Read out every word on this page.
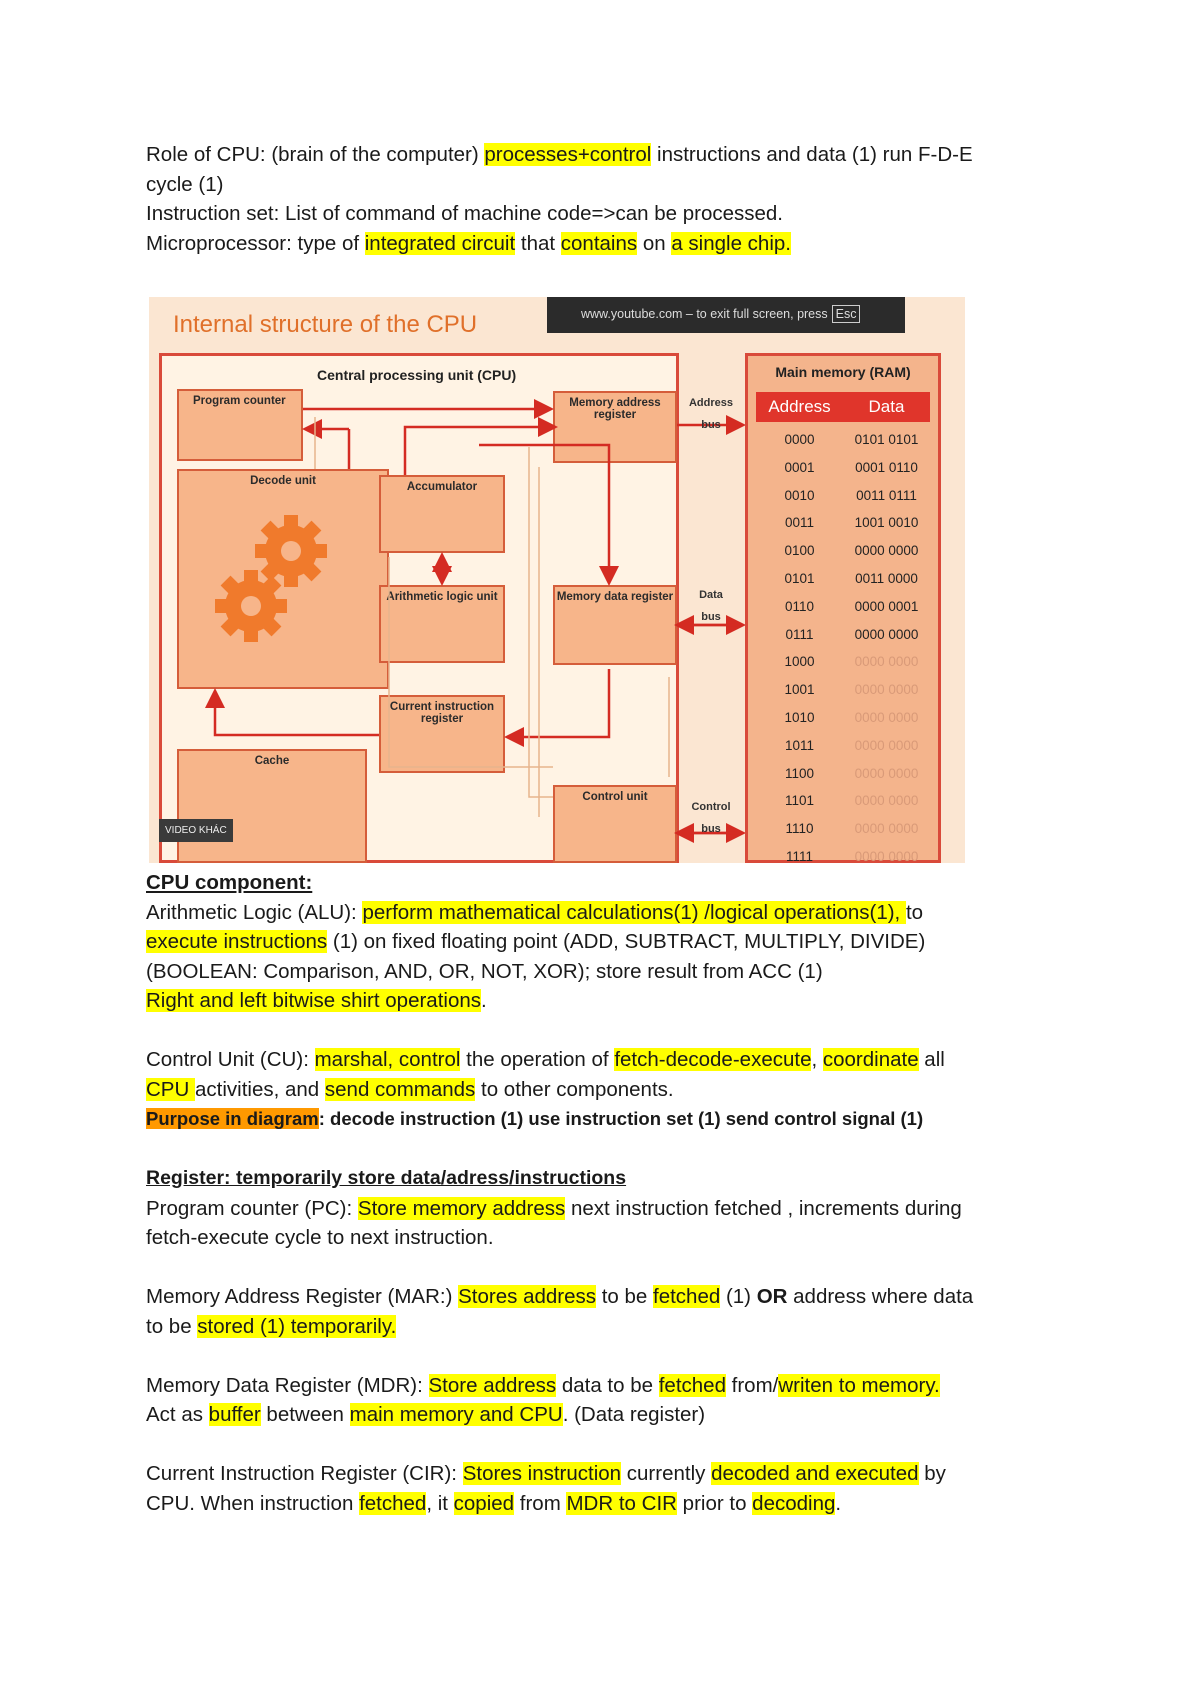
Role of CPU: (brain of the computer) processes+control instructions and data (1) run F-D-E

cycle (1)

Instruction set: List of command of machine code=>can be processed.

Microprocessor: type of integrated circuit that contains on a single chip.

Internal structure of the CPU	www.youtube.com – to exit full screen, press Esc
Central processing unit (CPU)
Program counter
Decode unit	Accumulator
Arithmetic logic unit
Current instruction register
Cache
Memory address register
Memory data register
Control unit
Address
bus
Data
bus
Control
bus
Main memory (RAM)
Address	Data
0000	0101 0101
0001	0001 0110
0010	0011 0111
0011	1001 0010
0100	0000 0000
0101	0011 0000
0110	0000 0001
0111	0000 0000
1000	0000 0000
1001	0000 0000
1010	0000 0000
1011	0000 0000
1100	0000 0000
1101	0000 0000
1110	0000 0000
1111	0000 0000
VIDEO KHÁC

CPU component:

Arithmetic Logic (ALU): perform mathematical calculations(1) /logical operations(1), to

execute instructions (1) on fixed floating point (ADD, SUBTRACT, MULTIPLY, DIVIDE)

(BOOLEAN: Comparison, AND, OR, NOT, XOR); store result from ACC (1)

Right and left bitwise shirt operations.

Control Unit (CU): marshal, control the operation of fetch-decode-execute, coordinate all

CPU activities, and send commands to other components.

Purpose in diagram: decode instruction (1) use instruction set (1) send control signal (1)

Register: temporarily store data/adress/instructions

Program counter (PC): Store memory address next instruction fetched , increments during

fetch-execute cycle to next instruction.

Memory Address Register (MAR:) Stores address to be fetched (1) OR address where data

to be stored (1) temporarily.

Memory Data Register (MDR): Store address data to be fetched from/writen to memory.

Act as buffer between main memory and CPU. (Data register)

Current Instruction Register (CIR): Stores instruction currently decoded and executed by

CPU. When instruction fetched, it copied from MDR to CIR prior to decoding.
